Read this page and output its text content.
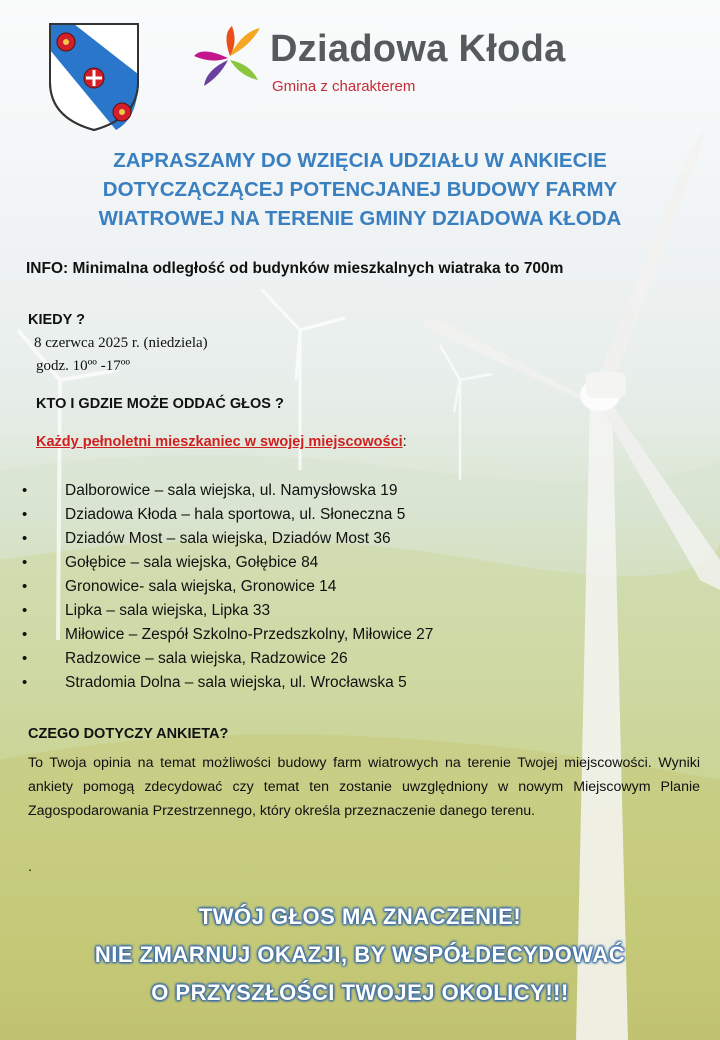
Dziadowa Kłoda
Gmina z charakterem
ZAPRASZAMY DO WZIĘCIA UDZIAŁU W ANKIECIE
DOTYCZĄCZĄCEJ POTENCJANEJ BUDOWY FARMY
WIATROWEJ NA TERENIE GMINY DZIADOWA KŁODA
INFO: Minimalna odległość od budynków mieszkalnych wiatraka to 700m
KIEDY ?
8 czerwca 2025 r. (niedziela)
godz. 10ºº -17ºº
KTO I GDZIE MOŻE ODDAĆ GŁOS ?
Każdy pełnoletni mieszkaniec w swojej miejscowości:
• Dalborowice – sala wiejska, ul. Namysłowska 19
• Dziadowa Kłoda – hala sportowa, ul. Słoneczna 5
• Dziadów Most – sala wiejska, Dziadów Most 36
• Gołębice – sala wiejska, Gołębice 84
• Gronowice- sala wiejska, Gronowice 14
• Lipka – sala wiejska, Lipka 33
• Miłowice – Zespół Szkolno-Przedszkolny, Miłowice 27
• Radzowice – sala wiejska, Radzowice 26
• Stradomia Dolna – sala wiejska, ul. Wrocławska 5
CZEGO DOTYCZY ANKIETA?
To Twoja opinia na temat możliwości budowy farm wiatrowych na terenie Twojej miejscowości. Wyniki ankiety pomogą zdecydować czy temat ten zostanie uwzględniony w nowym Miejscowym Planie Zagospodarowania Przestrzennego, który określa przeznaczenie danego terenu.
.
TWÓJ GŁOS MA ZNACZENIE!
NIE ZMARNUJ OKAZJI, BY WSPÓŁDECYDOWAĆ
O PRZYSZŁOŚCI TWOJEJ OKOLICY!!!
